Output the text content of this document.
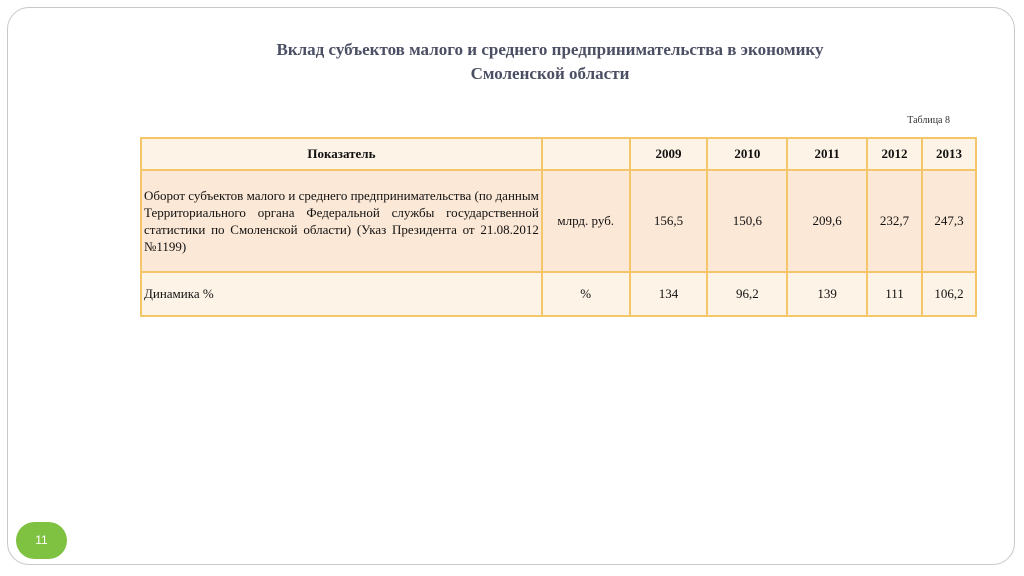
Вклад субъектов малого и среднего предпринимательства в экономику
Смоленской области
Таблица 8
Показатель		2009	2010	2011	2012	2013
Оборот субъектов малого и среднего предпринимательства (по данным Территориального органа Федеральной службы государственной статистики по Смоленской области) (Указ Президента от 21.08.2012 №1199)	млрд. руб.	156,5	150,6	209,6	232,7	247,3
Динамика %	%	134	96,2	139	111	106,2
11
